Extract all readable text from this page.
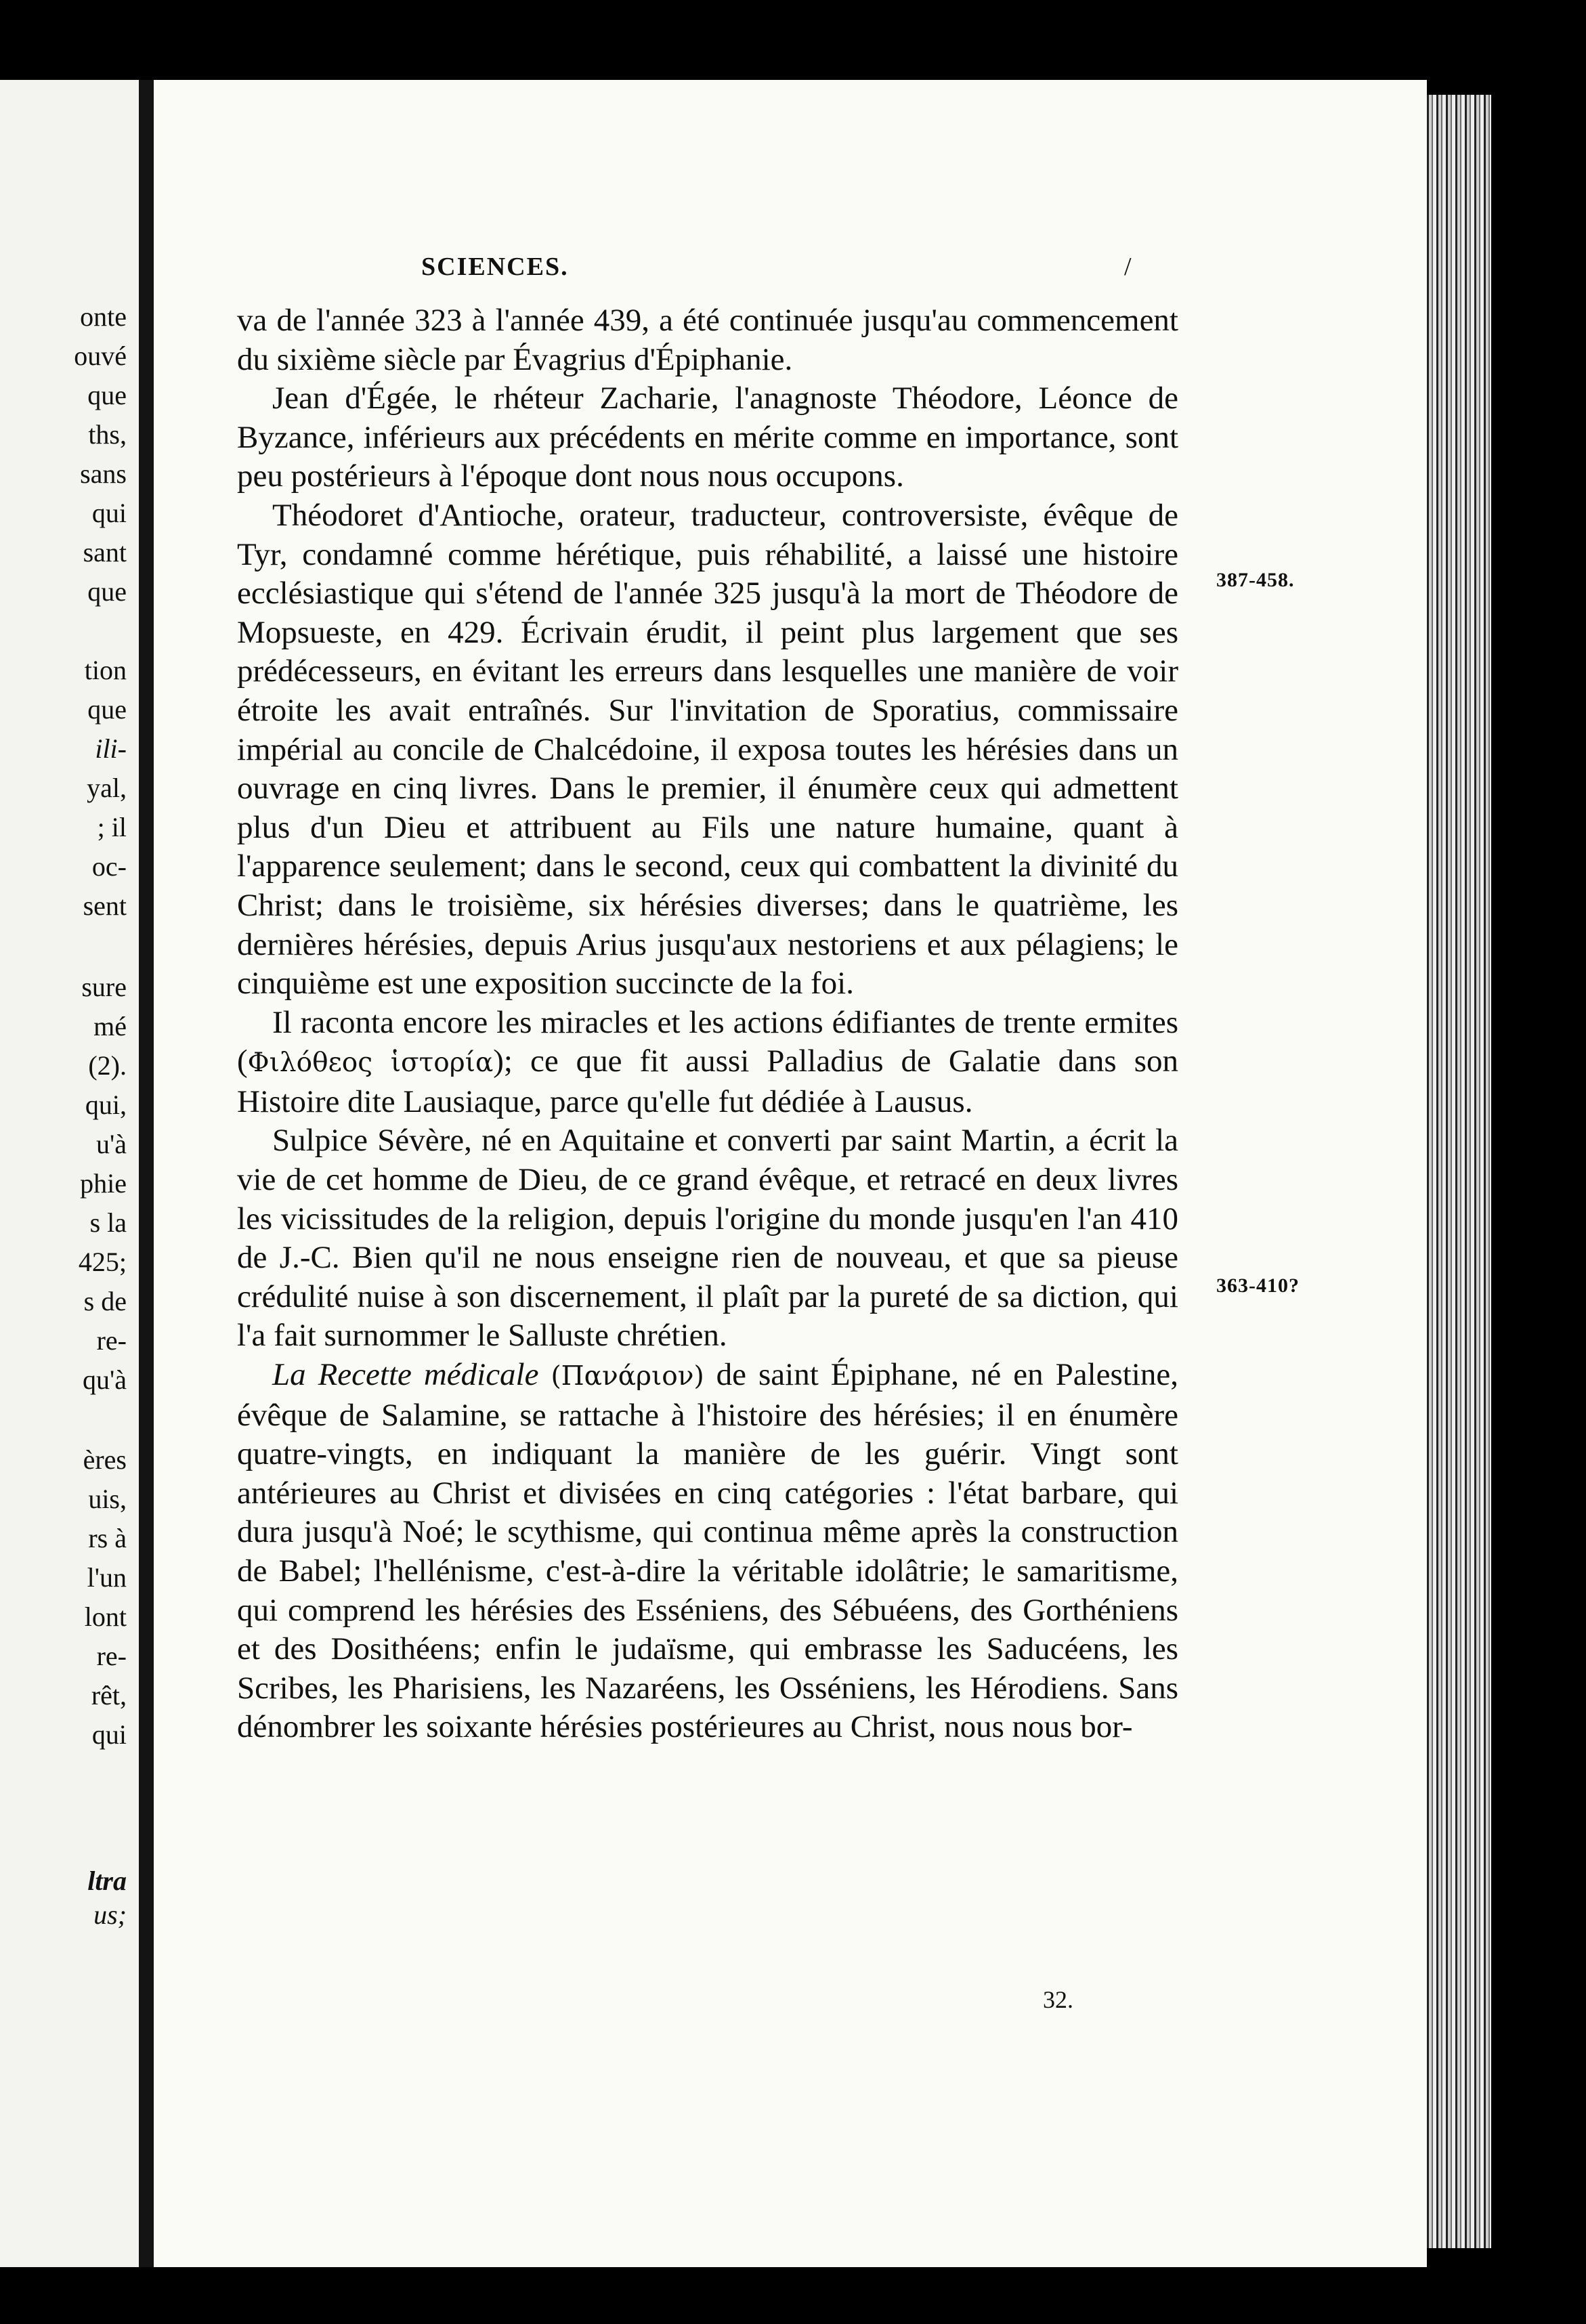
onte
ouvé
que
ths,
sans
qui
sant
que
tion
que
ili-
yal,
; il
oc-
sent
sure
mé
(2).
qui,
u'à
phie
s la
425;
s de
re-
qu'à
ères
uis,
rs à
l'un
lont
re-
rêt,
qui
ltra
us;
SCIENCES.	/

va de l'année 323 à l'année 439, a été continuée jusqu'au commencement du sixième siècle par Évagrius d'Épiphanie.

Jean d'Égée, le rhéteur Zacharie, l'anagnoste Théodore, Léonce de Byzance, inférieurs aux précédents en mérite comme en importance, sont peu postérieurs à l'époque dont nous nous occupons.

Théodoret d'Antioche, orateur, traducteur, controversiste, évêque de Tyr, condamné comme hérétique, puis réhabilité, a laissé une histoire ecclésiastique qui s'étend de l'année 325 jusqu'à la mort de Théodore de Mopsueste, en 429. Écrivain érudit, il peint plus largement que ses prédécesseurs, en évitant les erreurs dans lesquelles une manière de voir étroite les avait entraînés. Sur l'invitation de Sporatius, commissaire impérial au concile de Chalcédoine, il exposa toutes les hérésies dans un ouvrage en cinq livres. Dans le premier, il énumère ceux qui admettent plus d'un Dieu et attribuent au Fils une nature humaine, quant à l'apparence seulement; dans le second, ceux qui combattent la divinité du Christ; dans le troisième, six hérésies diverses; dans le quatrième, les dernières hérésies, depuis Arius jusqu'aux nestoriens et aux pélagiens; le cinquième est une exposition succincte de la foi.

Il raconta encore les miracles et les actions édifiantes de trente ermites (Φιλόθεος ἱστορία); ce que fit aussi Palladius de Galatie dans son Histoire dite Lausiaque, parce qu'elle fut dédiée à Lausus.

Sulpice Sévère, né en Aquitaine et converti par saint Martin, a écrit la vie de cet homme de Dieu, de ce grand évêque, et retracé en deux livres les vicissitudes de la religion, depuis l'origine du monde jusqu'en l'an 410 de J.-C. Bien qu'il ne nous enseigne rien de nouveau, et que sa pieuse crédulité nuise à son discernement, il plaît par la pureté de sa diction, qui l'a fait surnommer le Salluste chrétien.

La Recette médicale (Πανάριον) de saint Épiphane, né en Palestine, évêque de Salamine, se rattache à l'histoire des hérésies; il en énumère quatre-vingts, en indiquant la manière de les guérir. Vingt sont antérieures au Christ et divisées en cinq catégories : l'état barbare, qui dura jusqu'à Noé; le scythisme, qui continua même après la construction de Babel; l'hellénisme, c'est-à-dire la véritable idolâtrie; le samaritisme, qui comprend les hérésies des Esséniens, des Sébuéens, des Gorthéniens et des Dosithéens; enfin le judaïsme, qui embrasse les Saducéens, les Scribes, les Pharisiens, les Nazaréens, les Osséniens, les Hérodiens. Sans dénombrer les soixante hérésies postérieures au Christ, nous nous bor-

387-458.
363-410?
32.
